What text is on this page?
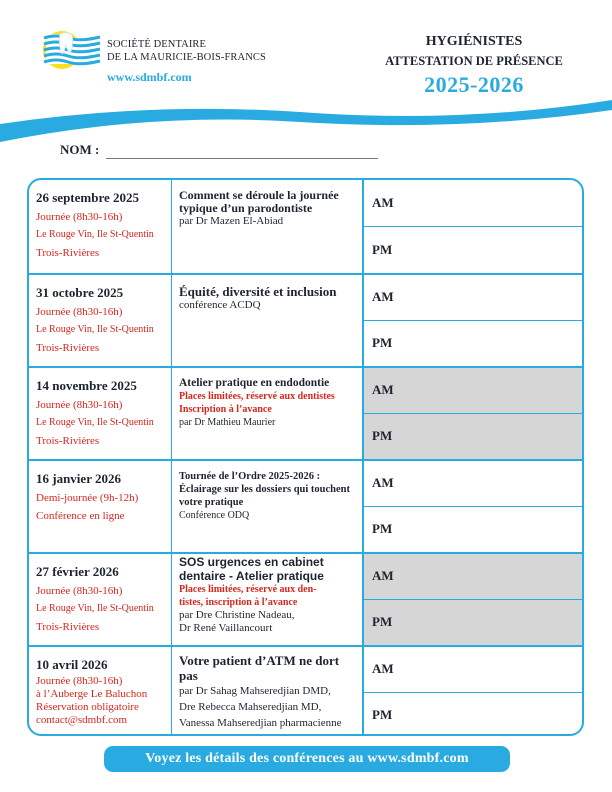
SOCIÉTÉ DENTAIRE
DE LA MAURICIE-BOIS-FRANCS
www.sdmbf.com
HYGIÉNISTES
ATTESTATION DE PRÉSENCE
2025-2026
NOM :
26 septembre 2025
Journée (8h30-16h)
Le Rouge Vin, Ile St-Quentin
Trois-Rivières
Comment se déroule la journée typique d’un parodontiste
par Dr Mazen El-Abiad
AM
PM
31 octobre 2025
Journée (8h30-16h)
Le Rouge Vin, Ile St-Quentin
Trois-Rivières
Équité, diversité et inclusion
conférence ACDQ
AM
PM
14 novembre 2025
Journée (8h30-16h)
Le Rouge Vin, Ile St-Quentin
Trois-Rivières
Atelier pratique en endodontie
Places limitées, réservé aux dentistes
Inscription à l’avance
par Dr Mathieu Maurier
AM
PM
16 janvier 2026
Demi-journée (9h-12h)
Conférence en ligne
Tournée de l’Ordre 2025-2026 : Éclairage sur les dossiers qui touchent votre pratique
Conférence ODQ
AM
PM
27 février 2026
Journée (8h30-16h)
Le Rouge Vin, Ile St-Quentin
Trois-Rivières
SOS urgences en cabinet dentaire - Atelier pratique
Places limitées, réservé aux den-
tistes, inscription à l’avance
par Dre Christine Nadeau,
Dr René Vaillancourt
AM
PM
10 avril 2026
Journée (8h30-16h)
à l’Auberge Le Baluchon
Réservation obligatoire
contact@sdmbf.com
Votre patient d’ATM ne dort pas
par Dr Sahag Mahseredjian DMD,
Dre Rebecca Mahseredjian MD,
Vanessa Mahseredjian pharmacienne
AM
PM
Voyez les détails des conférences au www.sdmbf.com
